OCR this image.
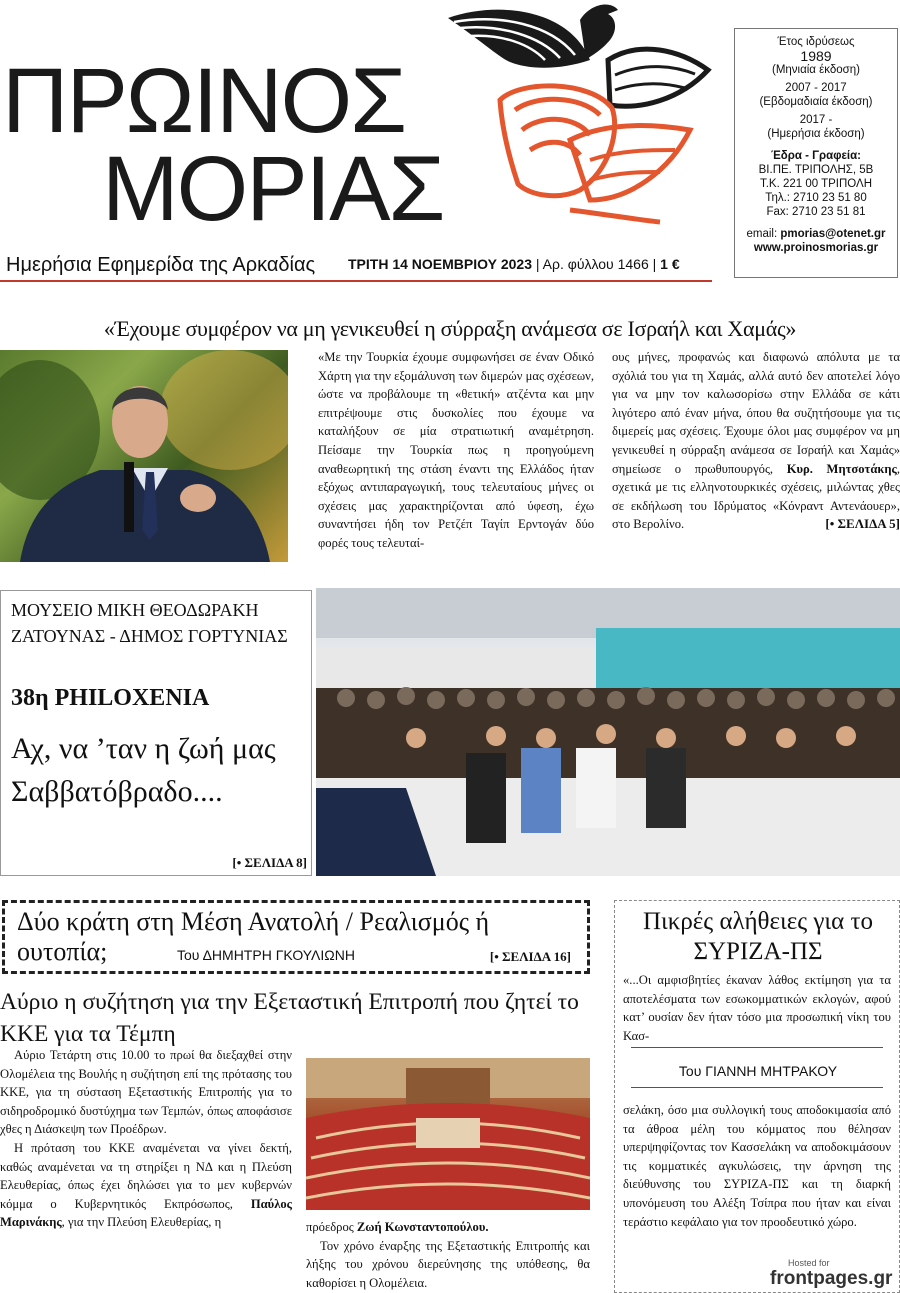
ΠΡΩΙΝΟΣ
ΜΟΡΙΑΣ
Ημερήσια Εφημερίδα της Αρκαδίας ΤΡΙΤΗ 14 ΝΟΕΜΒΡΙΟΥ 2023 | Αρ. φύλλου 1466 | 1 €
Έτος ιδρύσεως
1989
(Μηνιαία έκδοση)
2007 - 2017
(Εβδομαδιαία έκδοση)
2017 -
(Ημερήσια έκδοση)
Έδρα - Γραφεία:
ΒΙ.ΠΕ. ΤΡΙΠΟΛΗΣ, 5Β
Τ.Κ. 221 00 ΤΡΙΠΟΛΗ
Τηλ.: 2710 23 51 80
Fax: 2710 23 51 81
email: pmorias@otenet.gr
www.proinosmorias.gr
«Έχουμε συμφέρον να μη γενικευθεί η σύρραξη ανάμεσα σε Ισραήλ και Χαμάς»
«Με την Τουρκία έχουμε συμφωνήσει σε έναν Οδικό Χάρτη για την εξομάλυνση των διμερών μας σχέσεων, ώστε να προβάλουμε τη «θετική» ατζέντα και μην επιτρέψουμε στις δυσκολίες που έχουμε να καταλήξουν σε μία στρατιωτική αναμέτρηση. Πείσαμε την Τουρκία πως η προηγούμενη αναθεωρητική της στάση έναντι της Ελλάδος ήταν εξόχως αντιπαραγωγική, τους τελευταίους μήνες οι σχέσεις μας χαρακτηρίζονται από ύφεση, έχω συναντήσει ήδη τον Ρετζέπ Ταγίπ Ερντογάν δύο φορές τους τελευταί-
ους μήνες, προφανώς και διαφωνώ απόλυτα με τα σχόλιά του για τη Χαμάς, αλλά αυτό δεν αποτελεί λόγο για να μην τον καλωσορίσω στην Ελλάδα σε κάτι λιγότερο από έναν μήνα, όπου θα συζητήσουμε για τις διμερείς μας σχέσεις. Έχουμε όλοι μας συμφέρον να μη γενικευθεί η σύρραξη ανάμεσα σε Ισραήλ και Χαμάς» σημείωσε ο πρωθυπουργός, Κυρ. Μητσοτάκης, σχετικά με τις ελληνοτουρκικές σχέσεις, μιλώντας χθες σε εκδήλωση του Ιδρύματος «Κόνραντ Αντενάουερ», στο Βερολίνο.	[• ΣΕΛΙΔΑ 5]
ΜΟΥΣΕΙΟ ΜΙΚΗ ΘΕΟΔΩΡΑΚΗ ΖΑΤΟΥΝΑΣ - ΔΗΜΟΣ ΓΟΡΤΥΝΙΑΣ
38η PHILOXENIA
Αχ, να ’ταν η ζωή μας Σαββατόβραδο....
[• ΣΕΛΙΔΑ 8]
Δύο κράτη στη Μέση Ανατολή / Ρεαλισμός ή ουτοπία;	Του ΔΗΜΗΤΡΗ ΓΚΟΥΛΙΩΝΗ	[• ΣΕΛΙΔΑ 16]
Αύριο η συζήτηση για την Εξεταστική Επιτροπή που ζητεί το ΚΚΕ για τα Τέμπη
Αύριο Τετάρτη στις 10.00 το πρωί θα διεξαχθεί στην Ολομέλεια της Βουλής η συζήτηση επί της πρότασης του ΚΚΕ, για τη σύσταση Εξεταστικής Επιτροπής για το σιδηροδρομικό δυστύχημα των Τεμπών, όπως αποφάσισε χθες η Διάσκεψη των Προέδρων.
Η πρόταση του ΚΚΕ αναμένεται να γίνει δεκτή, καθώς αναμένεται να τη στηρίξει η ΝΔ και η Πλεύση Ελευθερίας, όπως έχει δηλώσει για το μεν κυβερνών κόμμα ο Κυβερνητικός Εκπρόσωπος, Παύλος Μαρινάκης, για την Πλεύση Ελευθερίας, η	πρόεδρος Ζωή Κωνσταντοπούλου.
Τον χρόνο έναρξης της Εξεταστικής Επιτροπής και λήξης του χρόνου διερεύνησης της υπόθεσης, θα καθορίσει η Ολομέλεια.
Πικρές αλήθειες για το ΣΥΡΙΖΑ-ΠΣ
«...Οι αμφισβητίες έκαναν λάθος εκτίμηση για τα αποτελέσματα των εσωκομματικών εκλογών, αφού κατ’ ουσίαν δεν ήταν τόσο μια προσωπική νίκη του Κασ-
Του ΓΙΑΝΝΗ ΜΗΤΡΑΚΟΥ
σελάκη, όσο μια συλλογική τους αποδοκιμασία από τα άθροα μέλη του κόμματος που θέλησαν υπερψηφίζοντας τον Κασσελάκη να αποδοκιμάσουν τις κομματικές αγκυλώσεις, την άρνηση της διεύθυνσης του ΣΥΡΙΖΑ-ΠΣ και τη διαρκή υπονόμευση του Αλέξη Τσίπρα που ήταν και είναι τεράστιο κεφάλαιο για τον προοδευτικό χώρο.
Hosted for
frontpages.gr
